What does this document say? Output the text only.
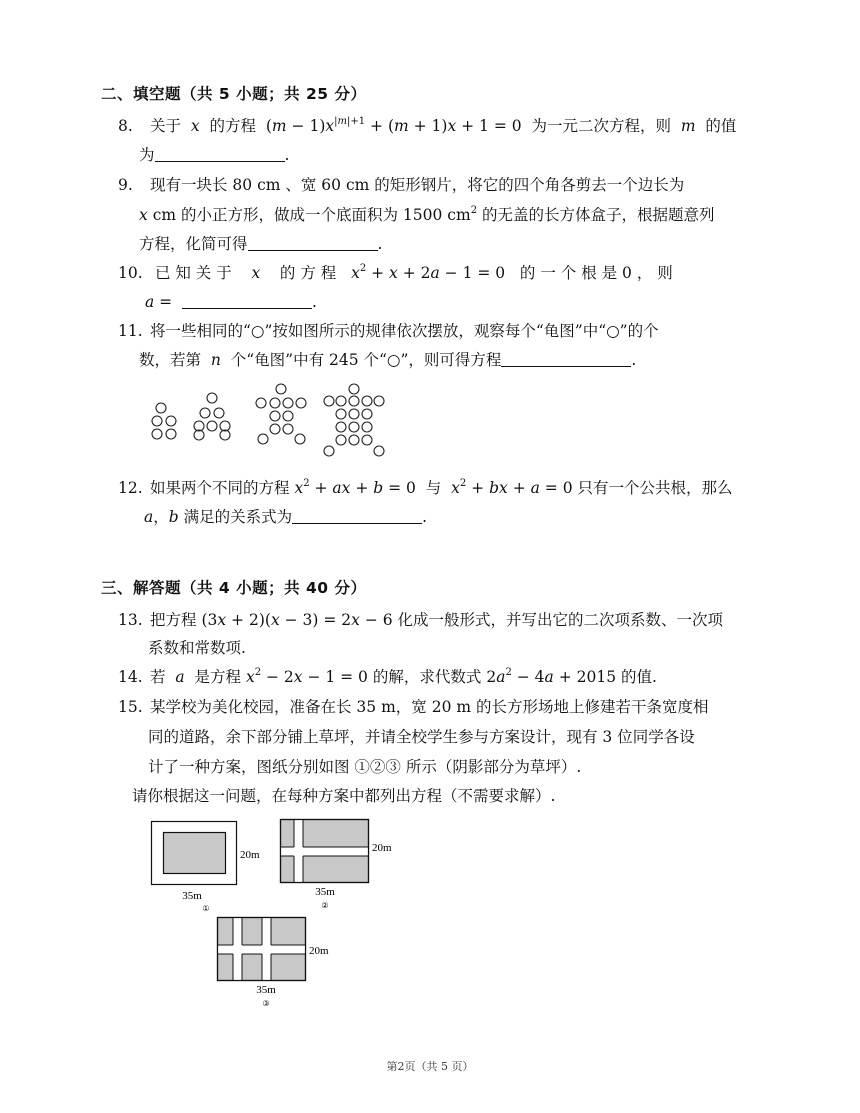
二、填空题（共 5 小题；共 25 分）
8. 关于 x 的方程 $(m - 1)x^{|m|+1} + (m + 1)x + 1 = 0$ 为一元二次方程，则 m 的值
为	.
9. 现有一块长 80 cm 、宽 60 cm 的矩形钢片，将它的四个角各剪去一个边长为
x cm 的小正方形，做成一个底面积为 1500 $cm^2$ 的无盖的长方体盒子，根据题意列
方程，化简可得	.
10. 已 知 关 于 x 的 方 程 $x^2 + x + 2a - 1 = 0$ 的 一 个 根 是 0 ， 则
a =	.
11. 将一些相同的“○”按如图所示的规律依次摆放，观察每个“龟图”中“○”的个
数，若第 n 个“龟图”中有 245 个“○”，则可得方程	.
12. 如果两个不同的方程 $x^2$ + ax + b = 0 与 $x^2$ + bx + a = 0 只有一个公共根，那么
a，b 满足的关系式为	.
三、解答题（共 4 小题；共 40 分）
13. 把方程 (3x + 2)(x − 3) = 2x − 6 化成一般形式，并写出它的二次项系数、一次项
系数和常数项.
14. 若 a 是方程 $x^2 - 2x - 1 = 0$ 的解，求代数式 $2a^2 - 4a + 2015$ 的值.
15. 某学校为美化校园，准备在长 35 m，宽 20 m 的长方形场地上修建若干条宽度相
同的道路，余下部分铺上草坪，并请全校学生参与方案设计，现有 3 位同学各设
计了一种方案，图纸分别如图 ①②③ 所示（阴影部分为草坪）.
请你根据这一问题，在每种方案中都列出方程（不需要求解）.
20m
35m
①
20m
35m
②
20m
35m
③
第2页（共 5 页）
